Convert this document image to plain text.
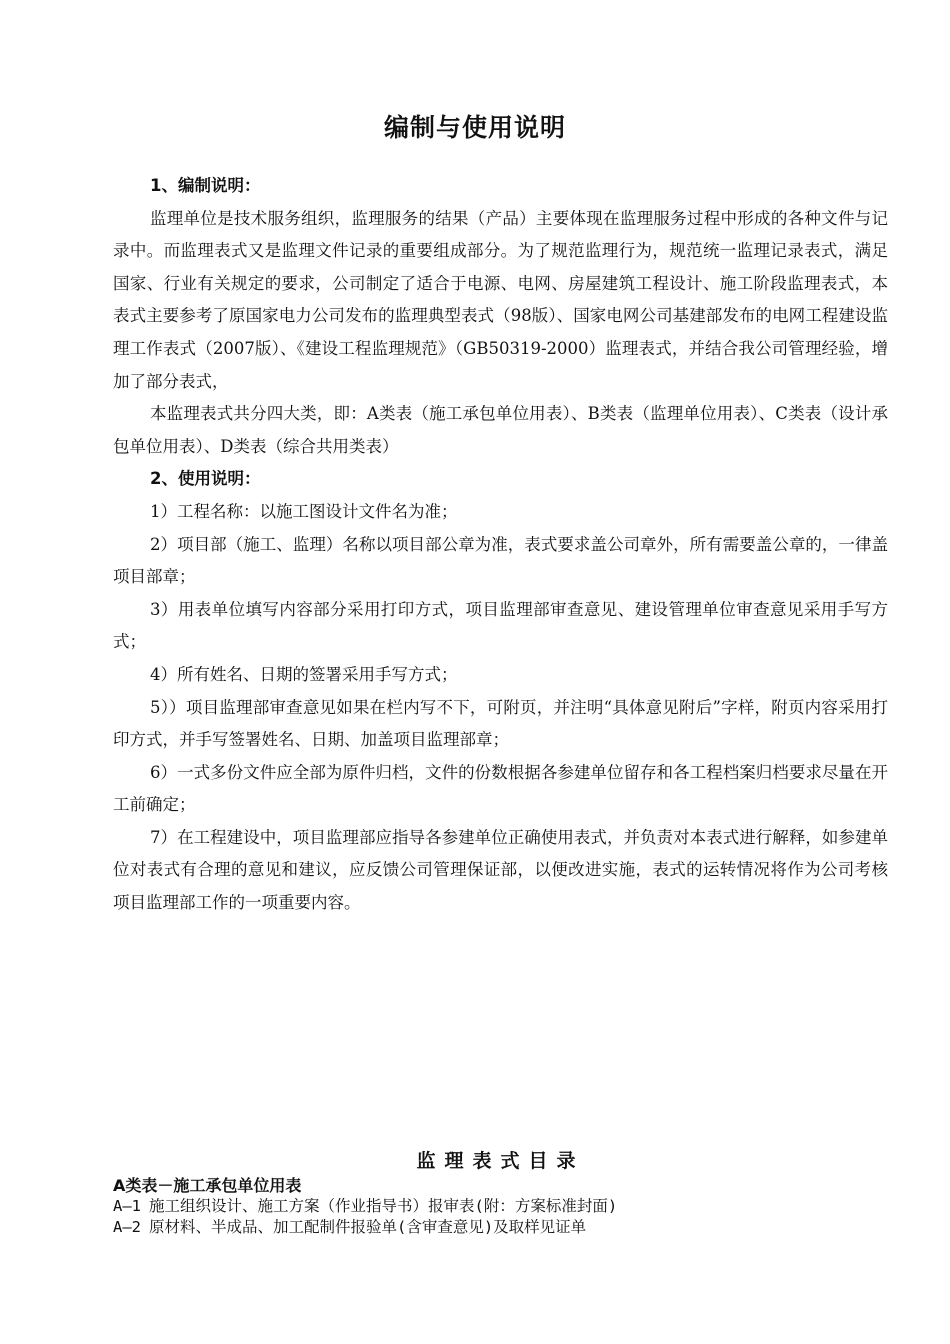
编制与使用说明

1、编制说明：

监理单位是技术服务组织，监理服务的结果（产品）主要体现在监理服务过程中形成的各种文件与记录中。而监理表式又是监理文件记录的重要组成部分。为了规范监理行为，规范统一监理记录表式，满足国家、行业有关规定的要求，公司制定了适合于电源、电网、房屋建筑工程设计、施工阶段监理表式，本表式主要参考了原国家电力公司发布的监理典型表式（98版）、国家电网公司基建部发布的电网工程建设监理工作表式（2007版）、《建设工程监理规范》（GB50319-2000）监理表式，并结合我公司管理经验，增加了部分表式，

本监理表式共分四大类，即：A类表（施工承包单位用表）、B类表（监理单位用表）、C类表（设计承包单位用表）、D类表（综合共用类表）

2、使用说明：

1）工程名称：以施工图设计文件名为准；

2）项目部（施工、监理）名称以项目部公章为准，表式要求盖公司章外，所有需要盖公章的，一律盖项目部章；

3）用表单位填写内容部分采用打印方式，项目监理部审查意见、建设管理单位审查意见采用手写方式；

4）所有姓名、日期的签署采用手写方式；

5））项目监理部审查意见如果在栏内写不下，可附页，并注明“具体意见附后”字样，附页内容采用打印方式，并手写签署姓名、日期、加盖项目监理部章；

6）一式多份文件应全部为原件归档，文件的份数根据各参建单位留存和各工程档案归档要求尽量在开工前确定；

7）在工程建设中，项目监理部应指导各参建单位正确使用表式，并负责对本表式进行解释，如参建单位对表式有合理的意见和建议，应反馈公司管理保证部，以便改进实施，表式的运转情况将作为公司考核项目监理部工作的一项重要内容。

监理表式目录
A类表－施工承包单位用表
A—1 施工组织设计、施工方案（作业指导书）报审表(附：方案标准封面)
A—2 原材料、半成品、加工配制件报验单(含审查意见)及取样见证单
